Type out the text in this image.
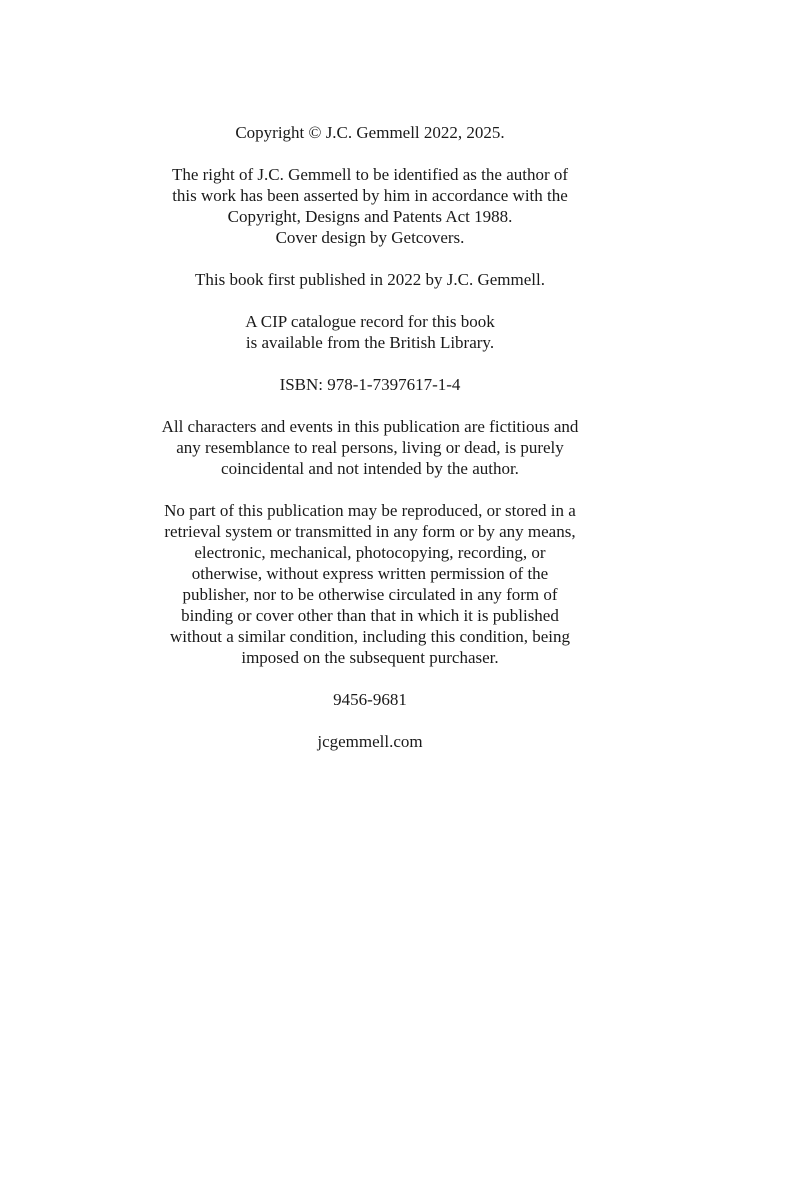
Copyright © J.C. Gemmell 2022, 2025.

The right of J.C. Gemmell to be identified as the author of
this work has been asserted by him in accordance with the
Copyright, Designs and Patents Act 1988.
Cover design by Getcovers.

This book first published in 2022 by J.C. Gemmell.

A CIP catalogue record for this book
is available from the British Library.

ISBN: 978-1-7397617-1-4

All characters and events in this publication are fictitious and
any resemblance to real persons, living or dead, is purely
coincidental and not intended by the author.

No part of this publication may be reproduced, or stored in a
retrieval system or transmitted in any form or by any means,
electronic, mechanical, photocopying, recording, or
otherwise, without express written permission of the
publisher, nor to be otherwise circulated in any form of
binding or cover other than that in which it is published
without a similar condition, including this condition, being
imposed on the subsequent purchaser.

9456-9681

jcgemmell.com
